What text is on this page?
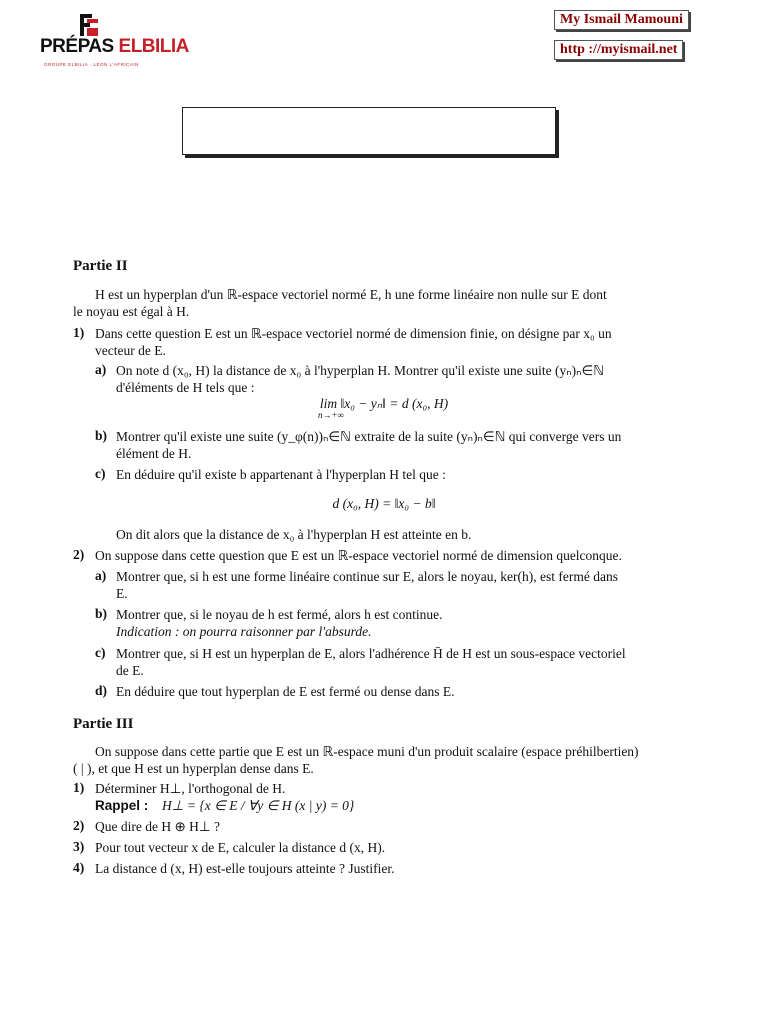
PRÉPAS ELBILIA
GROUPE ELBILIA · LÉON L'AFRICAIN
My Ismail Mamouni
http ://myismail.net
Partie II
H est un hyperplan d'un ℝ-espace vectoriel normé E, h une forme linéaire non nulle sur E dont
le noyau est égal à H.
1) Dans cette question E est un ℝ-espace vectoriel normé de dimension finie, on désigne par x₀ un
vecteur de E.
a) On note d (x₀, H) la distance de x₀ à l'hyperplan H. Montrer qu'il existe une suite (yₙ)ₙ∈ℕ
d'éléments de H tels que :
lim ‖x₀ − yₙ‖ = d (x₀, H)
n→+∞
b) Montrer qu'il existe une suite (y_φ(n))ₙ∈ℕ extraite de la suite (yₙ)ₙ∈ℕ qui converge vers un
élément de H.
c) En déduire qu'il existe b appartenant à l'hyperplan H tel que :
d (x₀, H) = ‖x₀ − b‖
On dit alors que la distance de x₀ à l'hyperplan H est atteinte en b.
2) On suppose dans cette question que E est un ℝ-espace vectoriel normé de dimension quelconque.
a) Montrer que, si h est une forme linéaire continue sur E, alors le noyau, ker(h), est fermé dans
E.
b) Montrer que, si le noyau de h est fermé, alors h est continue.
Indication : on pourra raisonner par l'absurde.
c) Montrer que, si H est un hyperplan de E, alors l'adhérence H̄ de H est un sous-espace vectoriel
de E.
d) En déduire que tout hyperplan de E est fermé ou dense dans E.
Partie III
On suppose dans cette partie que E est un ℝ-espace muni d'un produit scalaire (espace préhilbertien)
( | ), et que H est un hyperplan dense dans E.
1) Déterminer H⊥, l'orthogonal de H.
Rappel : H⊥ = {x ∈ E / ∀y ∈ H (x | y) = 0}
2) Que dire de H ⊕ H⊥ ?
3) Pour tout vecteur x de E, calculer la distance d (x, H).
4) La distance d (x, H) est-elle toujours atteinte ? Justifier.
